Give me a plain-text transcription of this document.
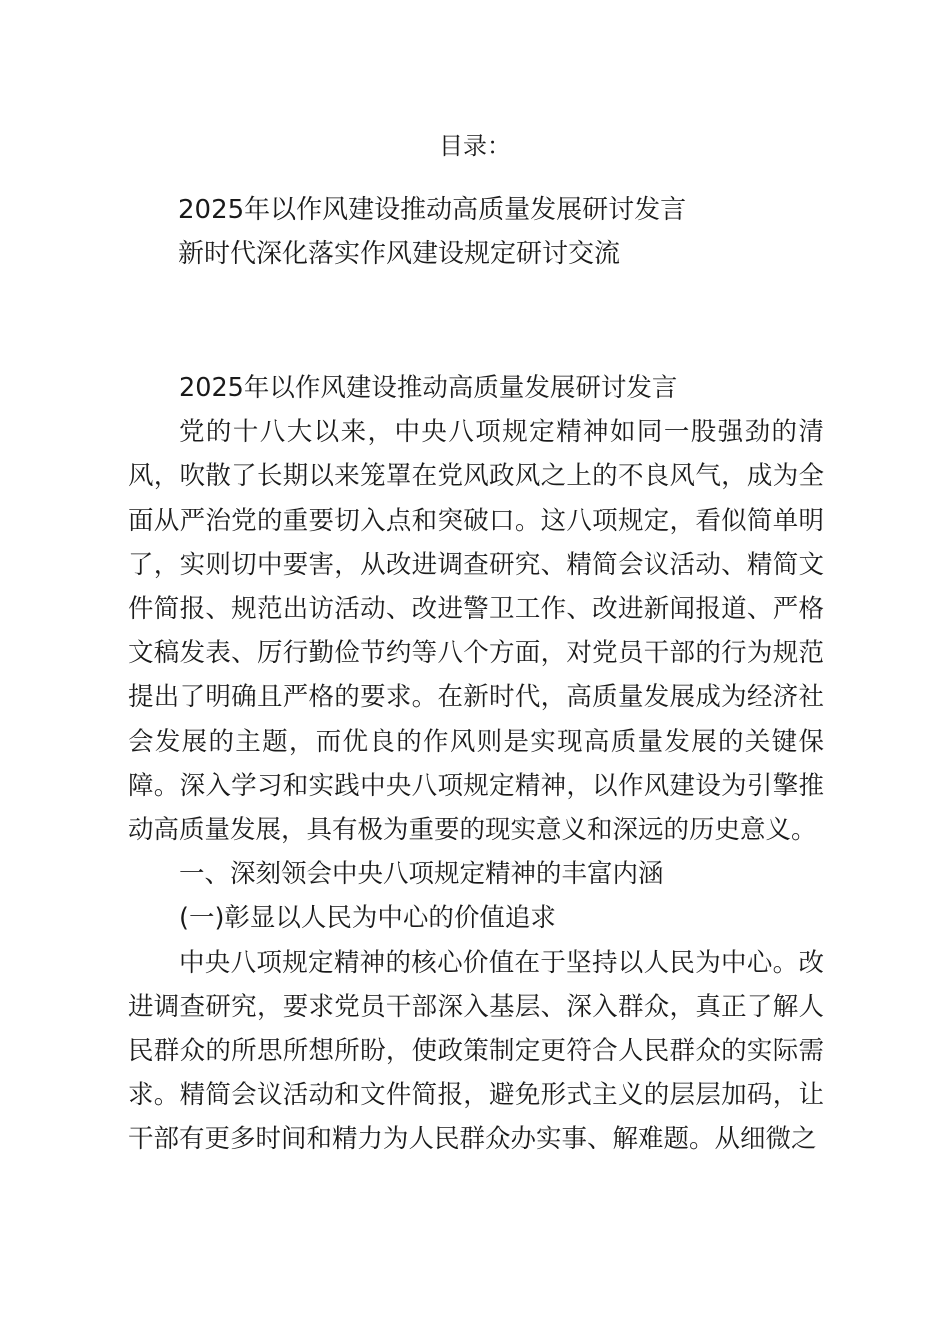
目录：
2025年以作风建设推动高质量发展研讨发言
新时代深化落实作风建设规定研讨交流

2025年以作风建设推动高质量发展研讨发言

党的十八大以来，中央八项规定精神如同一股强劲的清风，吹散了长期以来笼罩在党风政风之上的不良风气，成为全面从严治党的重要切入点和突破口。这八项规定，看似简单明了，实则切中要害，从改进调查研究、精简会议活动、精简文件简报、规范出访活动、改进警卫工作、改进新闻报道、严格文稿发表、厉行勤俭节约等八个方面，对党员干部的行为规范提出了明确且严格的要求。在新时代，高质量发展成为经济社会发展的主题，而优良的作风则是实现高质量发展的关键保障。深入学习和实践中央八项规定精神，以作风建设为引擎推动高质量发展，具有极为重要的现实意义和深远的历史意义。

一、深刻领会中央八项规定精神的丰富内涵

(一)彰显以人民为中心的价值追求

中央八项规定精神的核心价值在于坚持以人民为中心。改进调查研究，要求党员干部深入基层、深入群众，真正了解人民群众的所思所想所盼，使政策制定更符合人民群众的实际需求。精简会议活动和文件简报，避免形式主义的层层加码，让干部有更多时间和精力为人民群众办实事、解难题。从细微之
